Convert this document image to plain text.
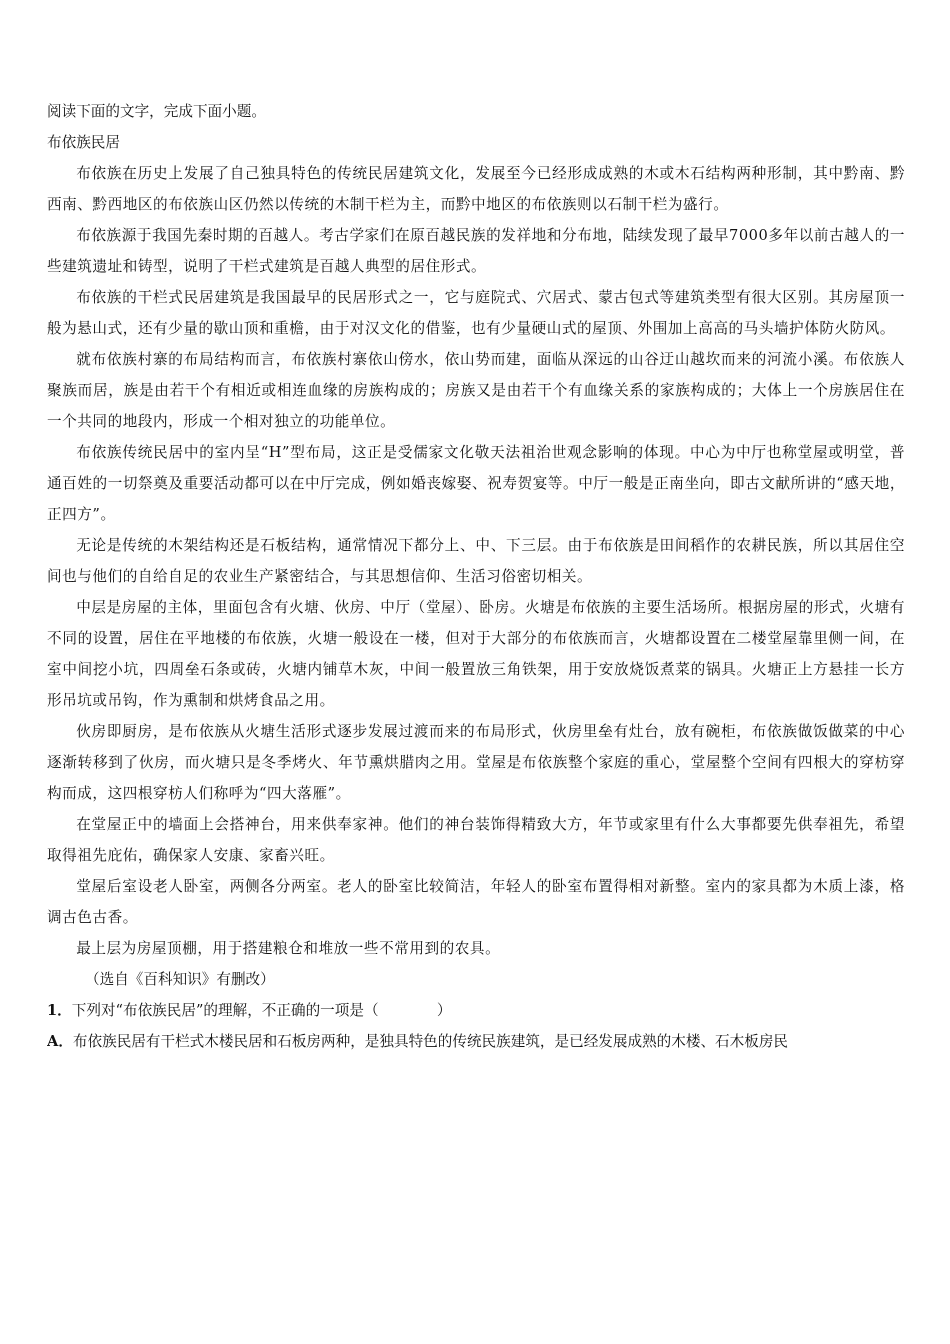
阅读下面的文字，完成下面小题。

布依族民居

布依族在历史上发展了自己独具特色的传统民居建筑文化，发展至今已经形成成熟的木或木石结构两种形制，其中黔南、黔西南、黔西地区的布依族山区仍然以传统的木制干栏为主，而黔中地区的布依族则以石制干栏为盛行。

布依族源于我国先秦时期的百越人。考古学家们在原百越民族的发祥地和分布地，陆续发现了最早7000多年以前古越人的一些建筑遗址和铸型，说明了干栏式建筑是百越人典型的居住形式。

布依族的干栏式民居建筑是我国最早的民居形式之一，它与庭院式、穴居式、蒙古包式等建筑类型有很大区别。其房屋顶一般为悬山式，还有少量的歇山顶和重檐，由于对汉文化的借鉴，也有少量硬山式的屋顶、外围加上高高的马头墙护体防火防风。

就布依族村寨的布局结构而言，布依族村寨依山傍水，依山势而建，面临从深远的山谷迂山越坎而来的河流小溪。布依族人聚族而居，族是由若干个有相近或相连血缘的房族构成的；房族又是由若干个有血缘关系的家族构成的；大体上一个房族居住在一个共同的地段内，形成一个相对独立的功能单位。

布依族传统民居中的室内呈“H”型布局，这正是受儒家文化敬天法祖治世观念影响的体现。中心为中厅也称堂屋或明堂，普通百姓的一切祭奠及重要活动都可以在中厅完成，例如婚丧嫁娶、祝寿贺宴等。中厅一般是正南坐向，即古文献所讲的“感天地，正四方”。

无论是传统的木架结构还是石板结构，通常情况下都分上、中、下三层。由于布依族是田间稻作的农耕民族，所以其居住空间也与他们的自给自足的农业生产紧密结合，与其思想信仰、生活习俗密切相关。

中层是房屋的主体，里面包含有火塘、伙房、中厅（堂屋）、卧房。火塘是布依族的主要生活场所。根据房屋的形式，火塘有不同的设置，居住在平地楼的布依族，火塘一般设在一楼，但对于大部分的布依族而言，火塘都设置在二楼堂屋靠里侧一间，在室中间挖小坑，四周垒石条或砖，火塘内铺草木灰，中间一般置放三角铁架，用于安放烧饭煮菜的锅具。火塘正上方悬挂一长方形吊坑或吊钩，作为熏制和烘烤食品之用。

伙房即厨房，是布依族从火塘生活形式逐步发展过渡而来的布局形式，伙房里垒有灶台，放有碗柜，布依族做饭做菜的中心逐渐转移到了伙房，而火塘只是冬季烤火、年节熏烘腊肉之用。堂屋是布依族整个家庭的重心，堂屋整个空间有四根大的穿枋穿构而成，这四根穿枋人们称呼为“四大落雁”。

在堂屋正中的墙面上会搭神台，用来供奉家神。他们的神台装饰得精致大方，年节或家里有什么大事都要先供奉祖先，希望取得祖先庇佑，确保家人安康、家畜兴旺。

堂屋后室设老人卧室，两侧各分两室。老人的卧室比较简洁，年轻人的卧室布置得相对新整。室内的家具都为木质上漆，格调古色古香。

最上层为房屋顶棚，用于搭建粮仓和堆放一些不常用到的农具。

（选自《百科知识》有删改）

1．下列对“布依族民居”的理解，不正确的一项是（　　　　）

A．布依族民居有干栏式木楼民居和石板房两种，是独具特色的传统民族建筑，是已经发展成熟的木楼、石木板房民
